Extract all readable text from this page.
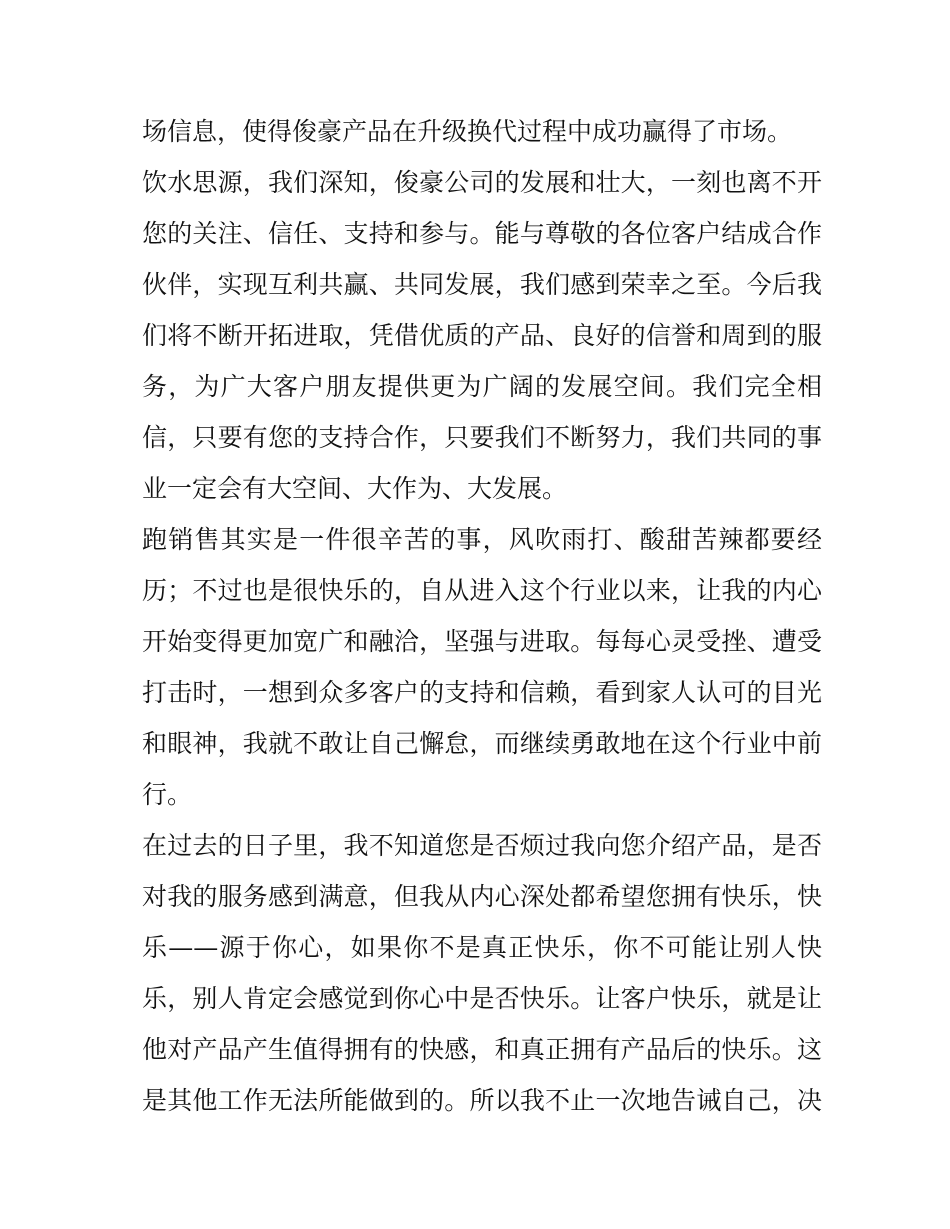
场信息，使得俊豪产品在升级换代过程中成功赢得了市场。
饮水思源，我们深知，俊豪公司的发展和壮大，一刻也离不开
您的关注、信任、支持和参与。能与尊敬的各位客户结成合作
伙伴，实现互利共赢、共同发展，我们感到荣幸之至。今后我
们将不断开拓进取，凭借优质的产品、良好的信誉和周到的服
务，为广大客户朋友提供更为广阔的发展空间。我们完全相
信，只要有您的支持合作，只要我们不断努力，我们共同的事
业一定会有大空间、大作为、大发展。
跑销售其实是一件很辛苦的事，风吹雨打、酸甜苦辣都要经
历；不过也是很快乐的，自从进入这个行业以来，让我的内心
开始变得更加宽广和融洽，坚强与进取。每每心灵受挫、遭受
打击时，一想到众多客户的支持和信赖，看到家人认可的目光
和眼神，我就不敢让自己懈怠，而继续勇敢地在这个行业中前
行。
在过去的日子里，我不知道您是否烦过我向您介绍产品，是否
对我的服务感到满意，但我从内心深处都希望您拥有快乐，快
乐——源于你心，如果你不是真正快乐，你不可能让别人快
乐，别人肯定会感觉到你心中是否快乐。让客户快乐，就是让
他对产品产生值得拥有的快感，和真正拥有产品后的快乐。这
是其他工作无法所能做到的。所以我不止一次地告诫自己，决
